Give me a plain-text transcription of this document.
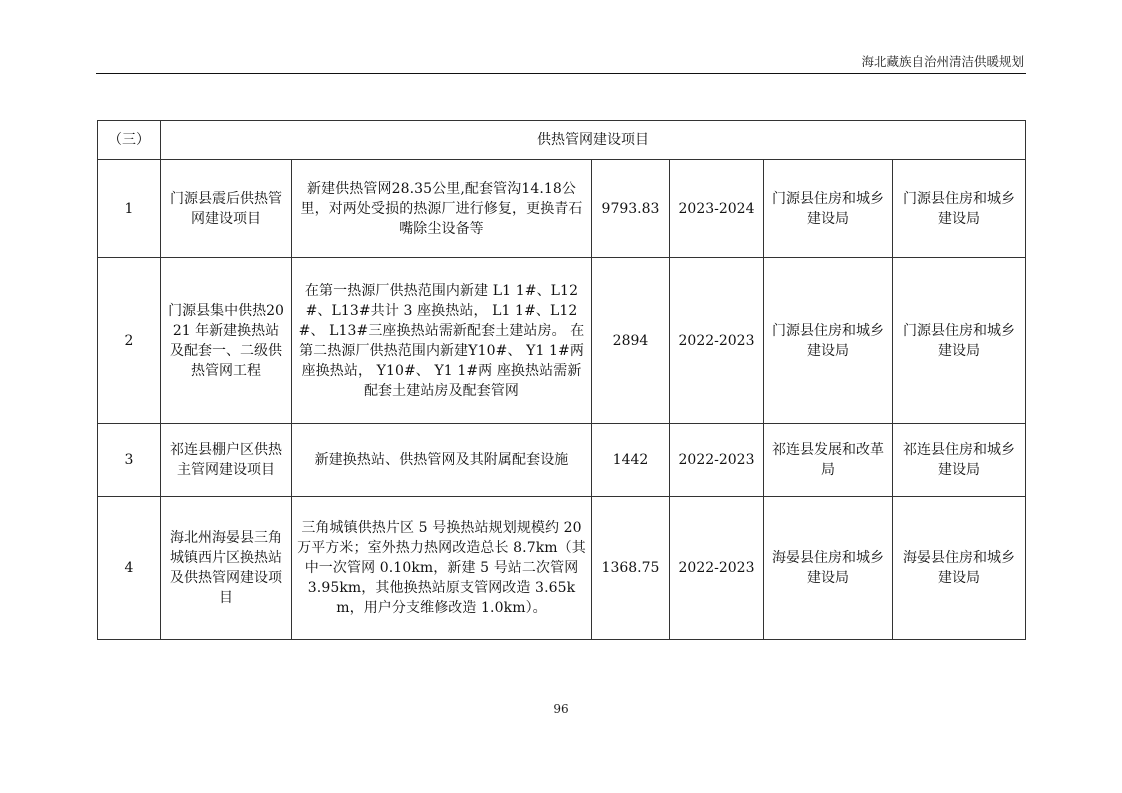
海北藏族自治州清洁供暖规划
（三）	供热管网建设项目					
1	门源县震后供热管网建设项目	新建供热管网28.35公里,配套管沟14.18公里，对两处受损的热源厂进行修复，更换青石嘴除尘设备等	9793.83	2023-2024	门源县住房和城乡建设局	门源县住房和城乡建设局
2	门源县集中供热2021 年新建换热站及配套一、二级供热管网工程	在第一热源厂供热范围内新建 L1 1#、L12#、L13#共计 3 座换热站， L1 1#、L12#、 L13#三座换热站需新配套土建站房。 在第二热源厂供热范围内新建Y10#、 Y1 1#两座换热站， Y10#、 Y1 1#两 座换热站需新配套土建站房及配套管网	2894	2022-2023	门源县住房和城乡建设局	门源县住房和城乡建设局
3	祁连县棚户区供热主管网建设项目	新建换热站、供热管网及其附属配套设施	1442	2022-2023	祁连县发展和改革局	祁连县住房和城乡建设局
4	海北州海晏县三角城镇西片区换热站及供热管网建设项目	三角城镇供热片区 5 号换热站规划规模约 20 万平方米；室外热力热网改造总长 8.7km（其中一次管网 0.10km，新建 5 号站二次管网 3.95km，其他换热站原支管网改造 3.65km，用户分支维修改造 1.0km）。	1368.75	2022-2023	海晏县住房和城乡建设局	海晏县住房和城乡建设局
96
